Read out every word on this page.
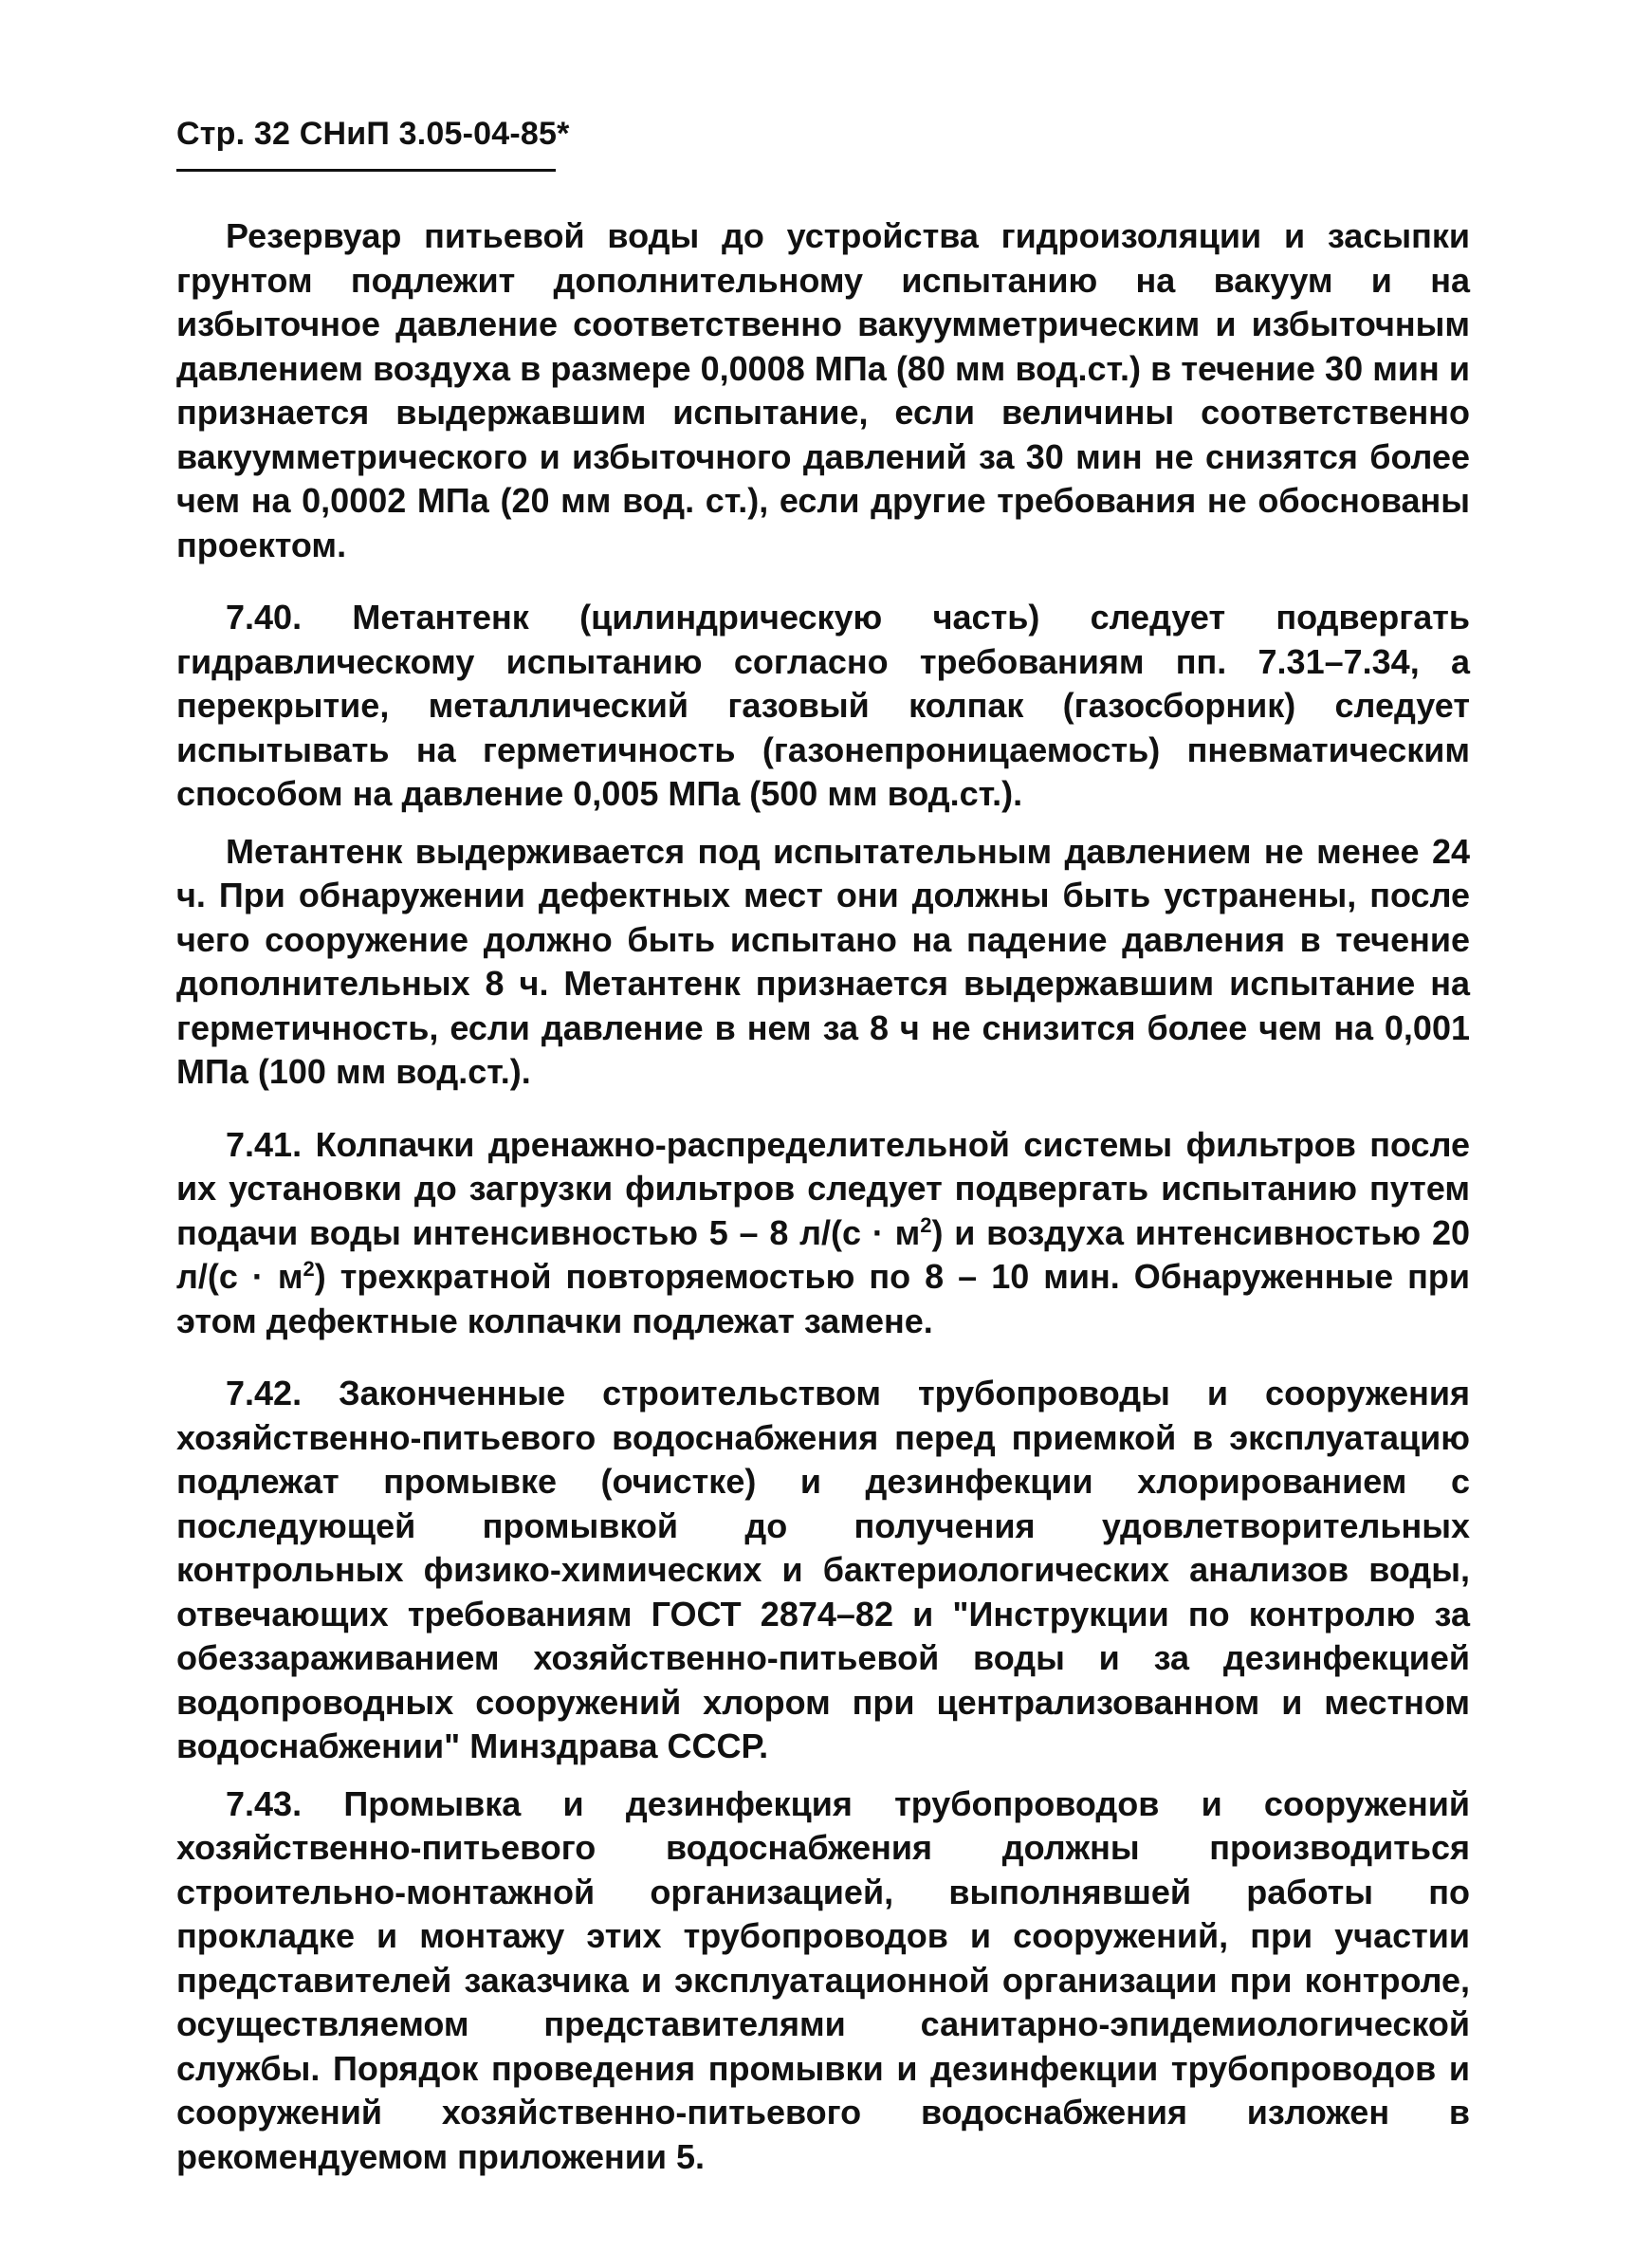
Стр. 32 СНиП 3.05-04-85*

Резервуар питьевой воды до устройства гидроизоляции и засыпки грунтом подлежит дополнительному испытанию на вакуум и на избыточное давление соответственно вакуумметрическим и избыточным давлением воздуха в размере 0,0008 МПа (80 мм вод.ст.) в течение 30 мин и признается выдержавшим испытание, если величины соответственно вакуумметрического и избыточного давлений за 30 мин не снизятся более чем на 0,0002 МПа (20 мм вод. ст.), если другие требования не обоснованы проектом.

7.40. Метантенк (цилиндрическую часть) следует подвергать гидравлическому испытанию согласно требованиям пп. 7.31–7.34, а перекрытие, металлический газовый колпак (газосборник) следует испытывать на герметичность (газонепроницаемость) пневматическим способом на давление 0,005 МПа (500 мм вод.ст.).

Метантенк выдерживается под испытательным давлением не менее 24 ч. При обнаружении дефектных мест они должны быть устранены, после чего сооружение должно быть испытано на падение давления в течение дополнительных 8 ч. Метантенк признается выдержавшим испытание на герметичность, если давление в нем за 8 ч не снизится более чем на 0,001 МПа (100 мм вод.ст.).

7.41. Колпачки дренажно-распределительной системы фильтров после их установки до загрузки фильтров следует подвергать испытанию путем подачи воды интенсивностью 5 – 8 $л/(с \cdot м^2)$ и воздуха интенсивностью 20 $л/(с \cdot м^2)$ трехкратной повторяемостью по 8 – 10 мин. Обнаруженные при этом дефектные колпачки подлежат замене.

7.42. Законченные строительством трубопроводы и сооружения хозяйственно-питьевого водоснабжения перед приемкой в эксплуатацию подлежат промывке (очистке) и дезинфекции хлорированием с последующей промывкой до получения удовлетворительных контрольных физико-химических и бактериологических анализов воды, отвечающих требованиям ГОСТ 2874–82 и "Инструкции по контролю за обеззараживанием хозяйственно-питьевой воды и за дезинфекцией водопроводных сооружений хлором при централизованном и местном водоснабжении" Минздрава СССР.

7.43. Промывка и дезинфекция трубопроводов и сооружений хозяйственно-питьевого водоснабжения должны производиться строительно-монтажной организацией, выполнявшей работы по прокладке и монтажу этих трубопроводов и сооружений, при участии представителей заказчика и эксплуатационной организации при контроле, осуществляемом представителями санитарно-эпидемиологической службы. Порядок проведения промывки и дезинфекции трубопроводов и сооружений хозяйственно-питьевого водоснабжения изложен в рекомендуемом приложении 5.
